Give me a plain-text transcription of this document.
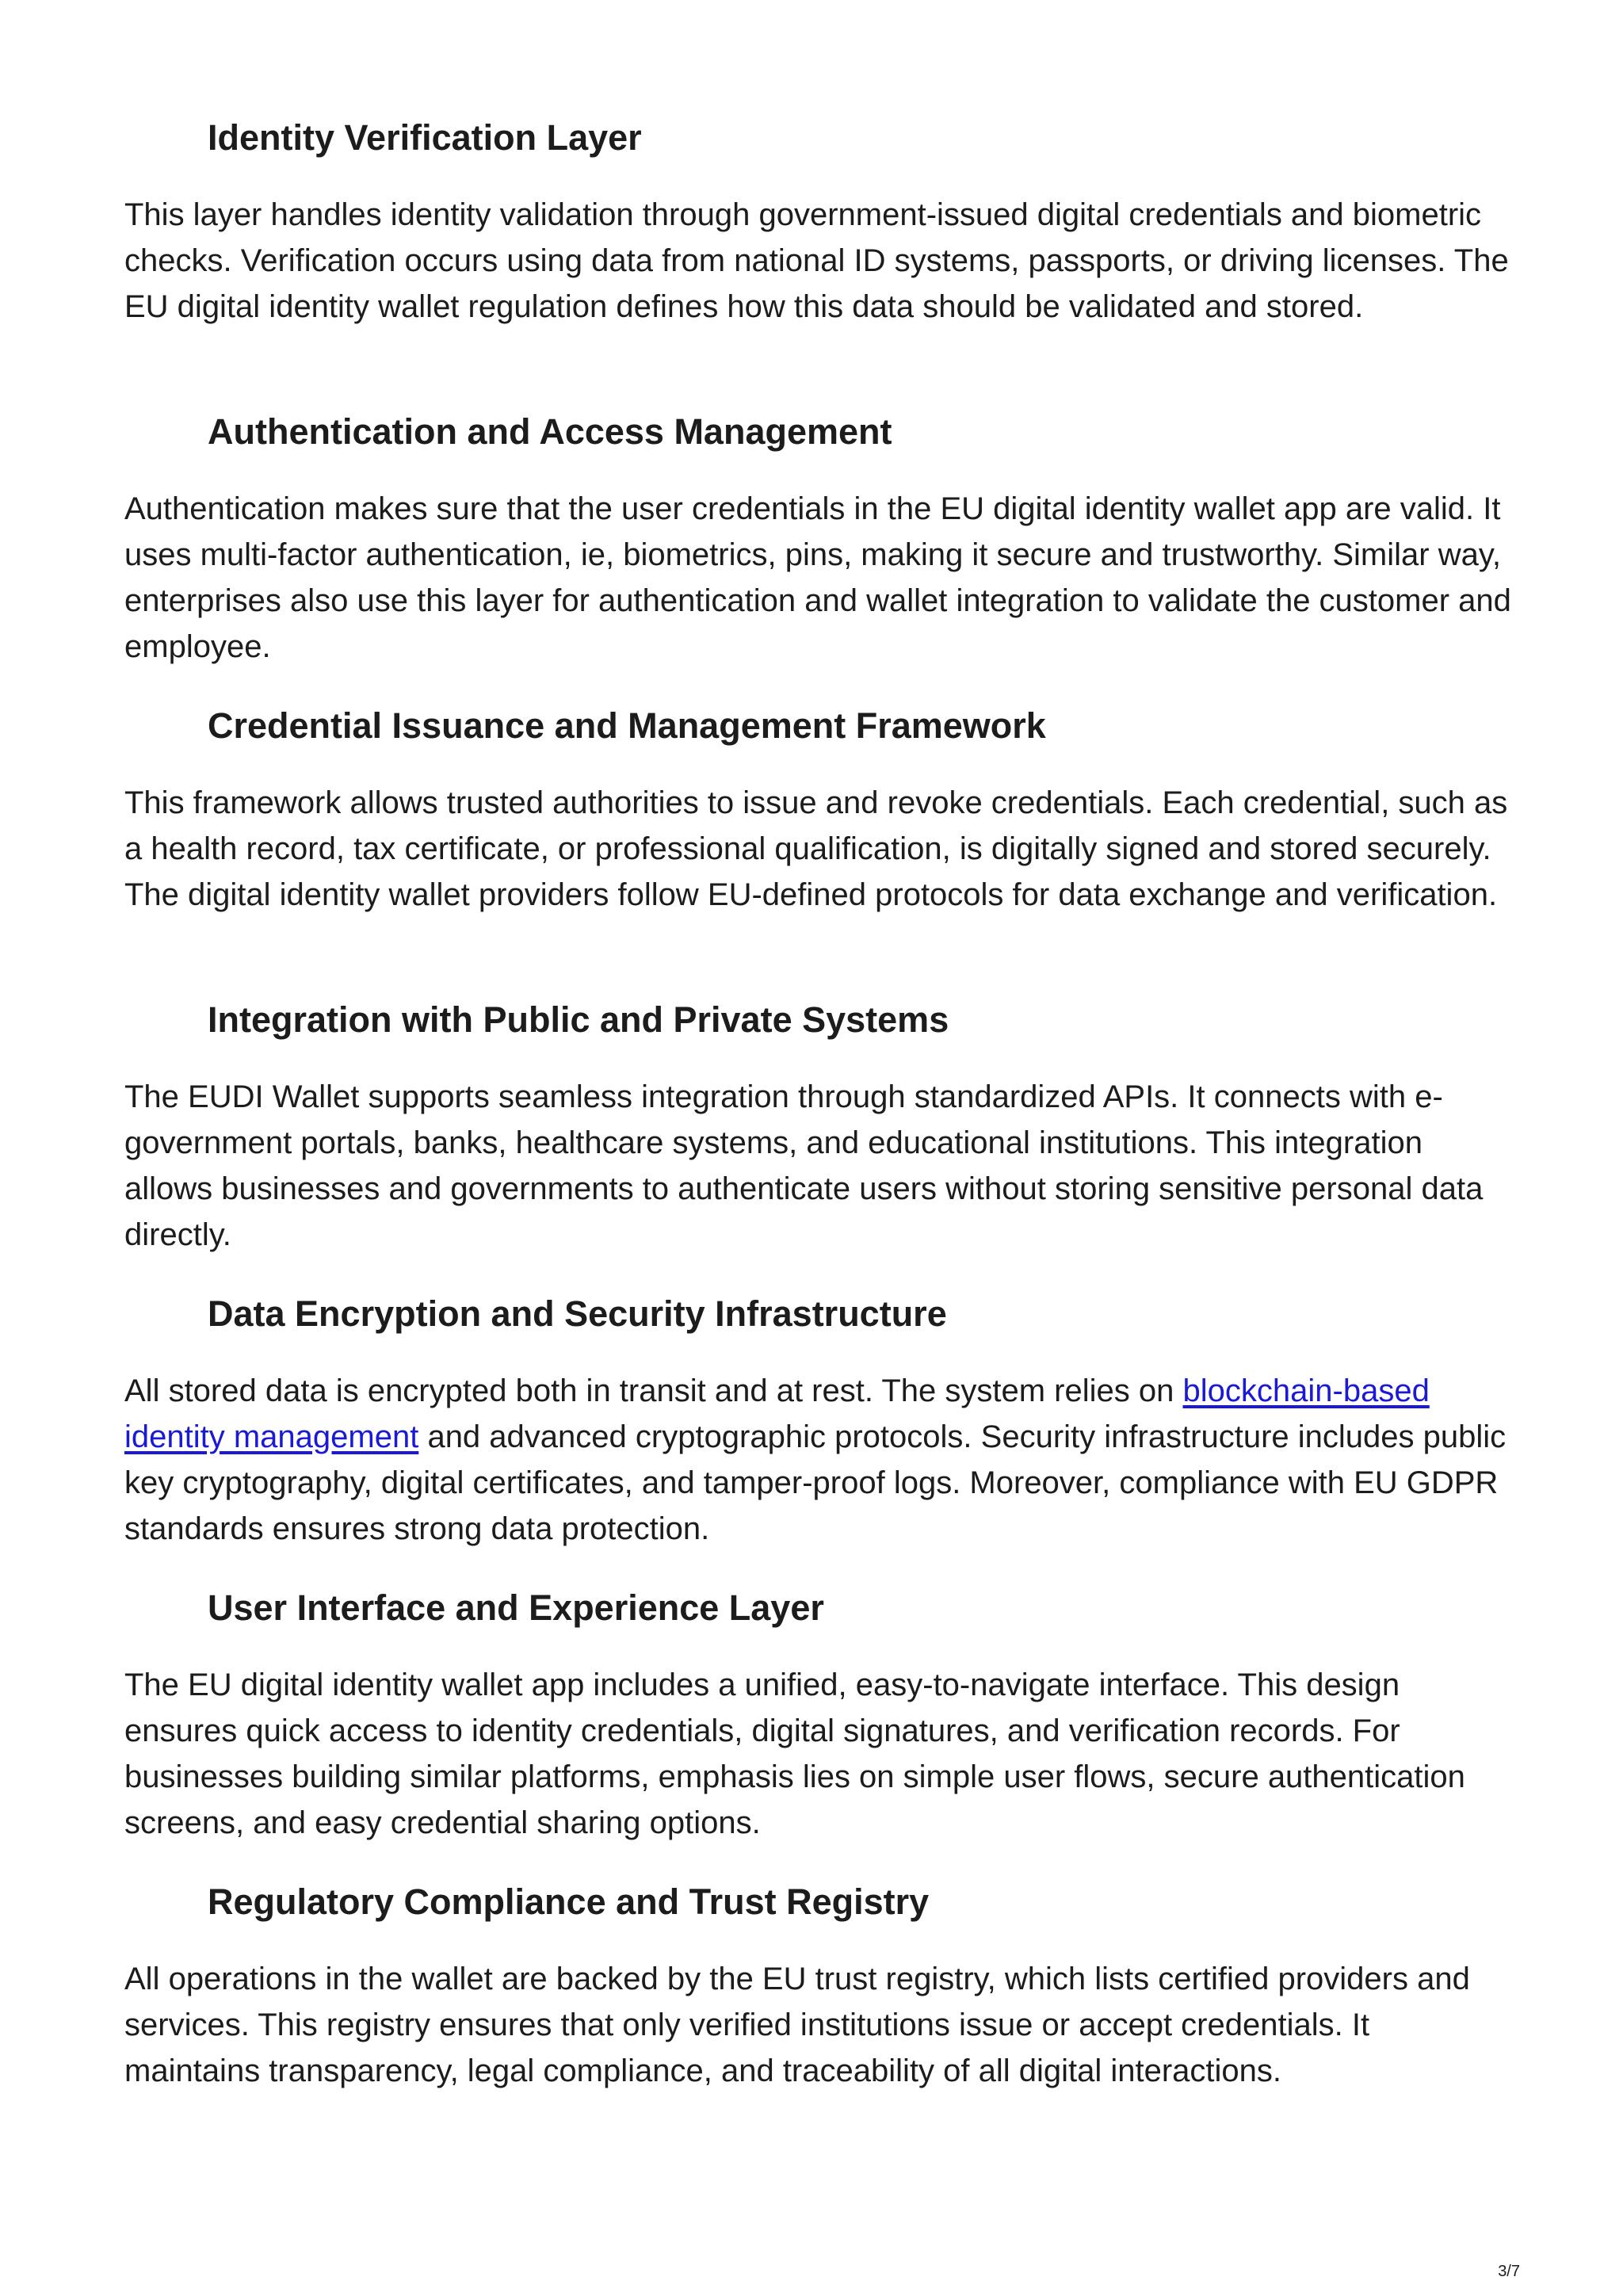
Identity Verification Layer

This layer handles identity validation through government-issued digital credentials and biometric checks. Verification occurs using data from national ID systems, passports, or driving licenses. The EU digital identity wallet regulation defines how this data should be validated and stored.

Authentication and Access Management

Authentication makes sure that the user credentials in the EU digital identity wallet app are valid. It uses multi-factor authentication, ie, biometrics, pins, making it secure and trustworthy. Similar way, enterprises also use this layer for authentication and wallet integration to validate the customer and employee.

Credential Issuance and Management Framework

This framework allows trusted authorities to issue and revoke credentials. Each credential, such as a health record, tax certificate, or professional qualification, is digitally signed and stored securely. The digital identity wallet providers follow EU-defined protocols for data exchange and verification.

Integration with Public and Private Systems

The EUDI Wallet supports seamless integration through standardized APIs. It connects with e-government portals, banks, healthcare systems, and educational institutions. This integration allows businesses and governments to authenticate users without storing sensitive personal data directly.

Data Encryption and Security Infrastructure

All stored data is encrypted both in transit and at rest. The system relies on blockchain-based identity management and advanced cryptographic protocols. Security infrastructure includes public key cryptography, digital certificates, and tamper-proof logs. Moreover, compliance with EU GDPR standards ensures strong data protection.

User Interface and Experience Layer

The EU digital identity wallet app includes a unified, easy-to-navigate interface. This design ensures quick access to identity credentials, digital signatures, and verification records. For businesses building similar platforms, emphasis lies on simple user flows, secure authentication screens, and easy credential sharing options.

Regulatory Compliance and Trust Registry

All operations in the wallet are backed by the EU trust registry, which lists certified providers and services. This registry ensures that only verified institutions issue or accept credentials. It maintains transparency, legal compliance, and traceability of all digital interactions.

3/7
